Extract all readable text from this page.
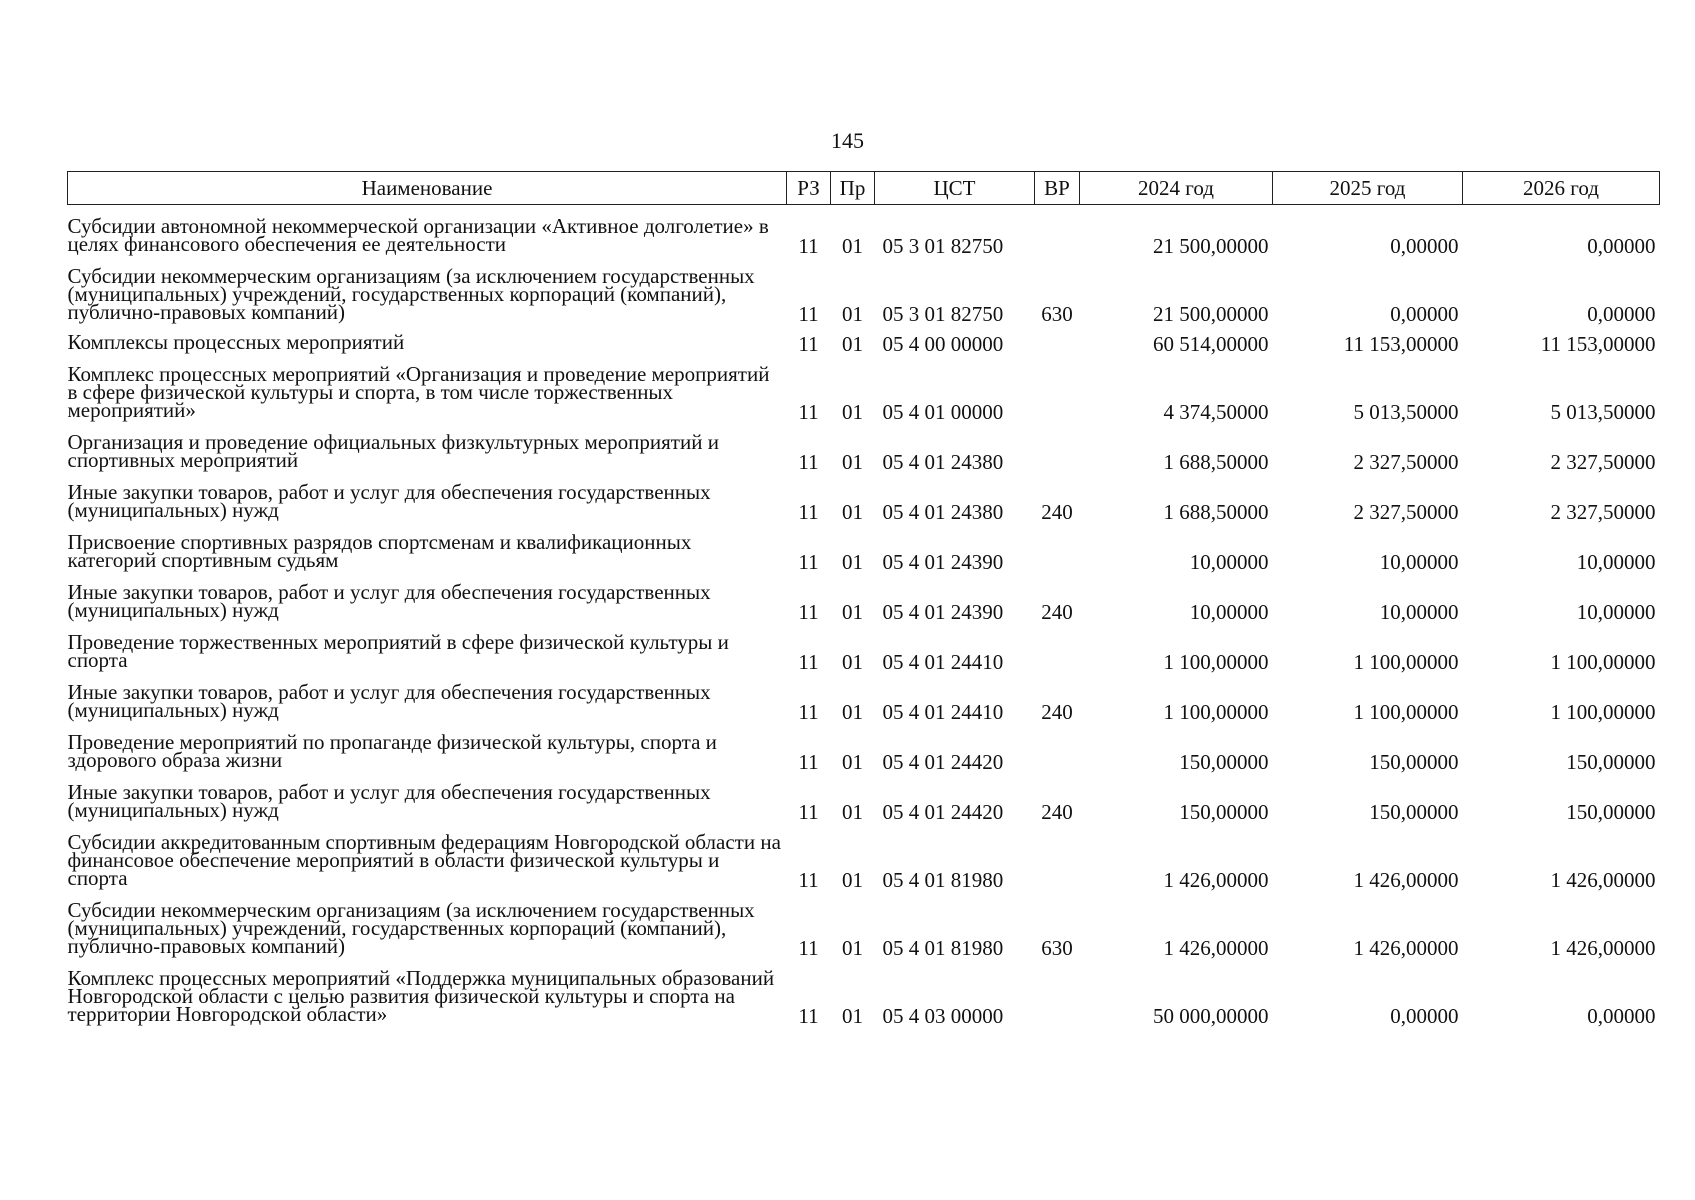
145
Наименование	РЗ	Пр	ЦСТ	ВР	2024 год	2025 год	2026 год
Субсидии автономной некоммерческой организации «Активное долголетие» в целях финансового обеспечения ее деятельности	11	01	05 3 01 82750		21 500,00000	0,00000	0,00000
Субсидии некоммерческим организациям (за исключением государственных (муниципальных) учреждений, государственных корпораций (компаний), публично-правовых компаний)	11	01	05 3 01 82750	630	21 500,00000	0,00000	0,00000
Комплексы процессных мероприятий	11	01	05 4 00 00000		60 514,00000	11 153,00000	11 153,00000
Комплекс процессных мероприятий «Организация и проведение мероприятий в сфере физической культуры и спорта, в том числе торжественных мероприятий»	11	01	05 4 01 00000		4 374,50000	5 013,50000	5 013,50000
Организация и проведение официальных физкультурных мероприятий и спортивных мероприятий	11	01	05 4 01 24380		1 688,50000	2 327,50000	2 327,50000
Иные закупки товаров, работ и услуг для обеспечения государственных (муниципальных) нужд	11	01	05 4 01 24380	240	1 688,50000	2 327,50000	2 327,50000
Присвоение спортивных разрядов спортсменам и квалификационных категорий спортивным судьям	11	01	05 4 01 24390		10,00000	10,00000	10,00000
Иные закупки товаров, работ и услуг для обеспечения государственных (муниципальных) нужд	11	01	05 4 01 24390	240	10,00000	10,00000	10,00000
Проведение торжественных мероприятий в сфере физической культуры и спорта	11	01	05 4 01 24410		1 100,00000	1 100,00000	1 100,00000
Иные закупки товаров, работ и услуг для обеспечения государственных (муниципальных) нужд	11	01	05 4 01 24410	240	1 100,00000	1 100,00000	1 100,00000
Проведение мероприятий по пропаганде физической культуры, спорта и здорового образа жизни	11	01	05 4 01 24420		150,00000	150,00000	150,00000
Иные закупки товаров, работ и услуг для обеспечения государственных (муниципальных) нужд	11	01	05 4 01 24420	240	150,00000	150,00000	150,00000
Субсидии аккредитованным спортивным федерациям Новгородской области на финансовое обеспечение мероприятий в области физической культуры и спорта	11	01	05 4 01 81980		1 426,00000	1 426,00000	1 426,00000
Субсидии некоммерческим организациям (за исключением государственных (муниципальных) учреждений, государственных корпораций (компаний), публично-правовых компаний)	11	01	05 4 01 81980	630	1 426,00000	1 426,00000	1 426,00000
Комплекс процессных мероприятий «Поддержка муниципальных образований Новгородской области с целью развития физической культуры и спорта на территории Новгородской области»	11	01	05 4 03 00000		50 000,00000	0,00000	0,00000
